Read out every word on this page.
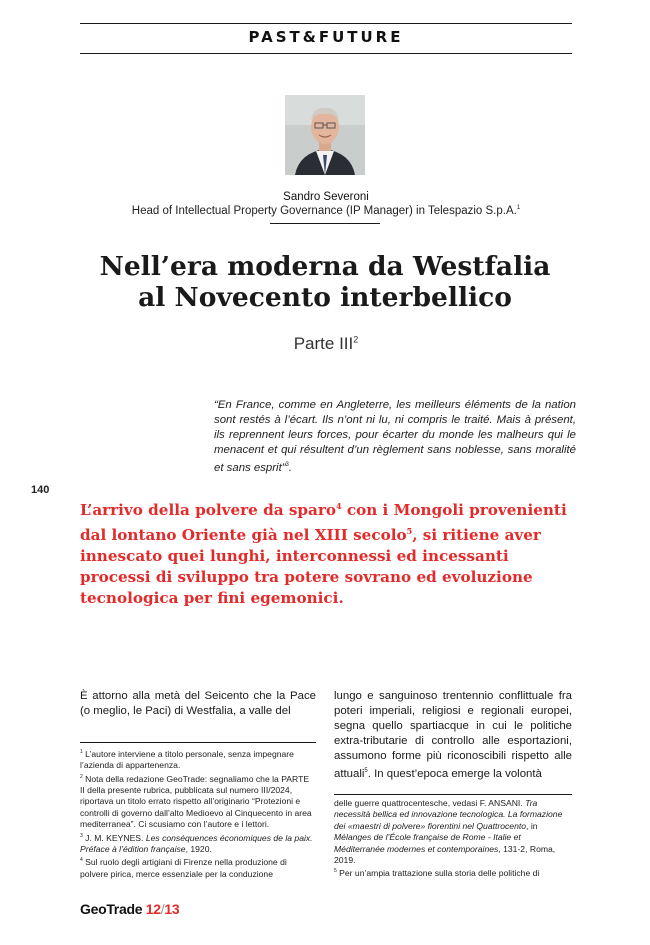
PAST&FUTURE
Sandro Severoni
Head of Intellectual Property Governance (IP Manager) in Telespazio S.p.A.$^1$
Nell’era moderna da Westfalia
al Novecento interbellico
Parte III$^2$
“En France, comme en Angleterre, les meilleurs éléments de la nation sont restés à l’écart. Ils n’ont ni lu, ni compris le traité. Mais à présent, ils reprennent leurs forces, pour écarter du monde les malheurs qui le menacent et qui résultent d’un règlement sans noblesse, sans moralité et sans esprit”$^3$.
140
L’arrivo della polvere da sparo$^4$ con i Mongoli provenienti dal lontano Oriente già nel XIII secolo$^5$, si ritiene aver innescato quei lunghi, interconnessi ed incessanti processi di sviluppo tra potere sovrano ed evoluzione tecnologica per fini egemonici.
È attorno alla metà del Seicento che la Pace (o meglio, le Paci) di Westfalia, a valle del
lungo e sanguinoso trentennio conflittuale fra poteri imperiali, religiosi e regionali europei, segna quello spartiacque in cui le politiche extra-tributarie di controllo alle esportazioni, assumono forme più riconoscibili rispetto alle attuali$^5$. In quest’epoca emerge la volontà

$^1$ L’autore interviene a titolo personale, senza impegnare l’azienda di appartenenza.

$^2$ Nota della redazione GeoTrade: segnaliamo che la PARTE II della presente rubrica, pubblicata sul numero III/2024, riportava un titolo errato rispetto all’originario “Protezioni e controlli di governo dall’alto Medioevo al Cinquecento in area mediterranea”. Ci scusiamo con l’autore e i lettori.

$^3$ J. M. KEYNES. Les conséquences économiques de la paix. Préface à l’édition française, 1920.

$^4$ Sul ruolo degli artigiani di Firenze nella produzione di polvere pirica, merce essenziale per la conduzione

delle guerre quattrocentesche, vedasi F. ANSANI. Tra necessità bellica ed innovazione tecnologica. La formazione dei «maestri di polvere» fiorentini nel Quattrocento, in Mélanges de l’École française de Rome - Italie et Méditerranée modernes et contemporaines, 131-2, Roma, 2019.

$^5$ Per un’ampia trattazione sulla storia delle politiche di

GeoTrade 12/13
